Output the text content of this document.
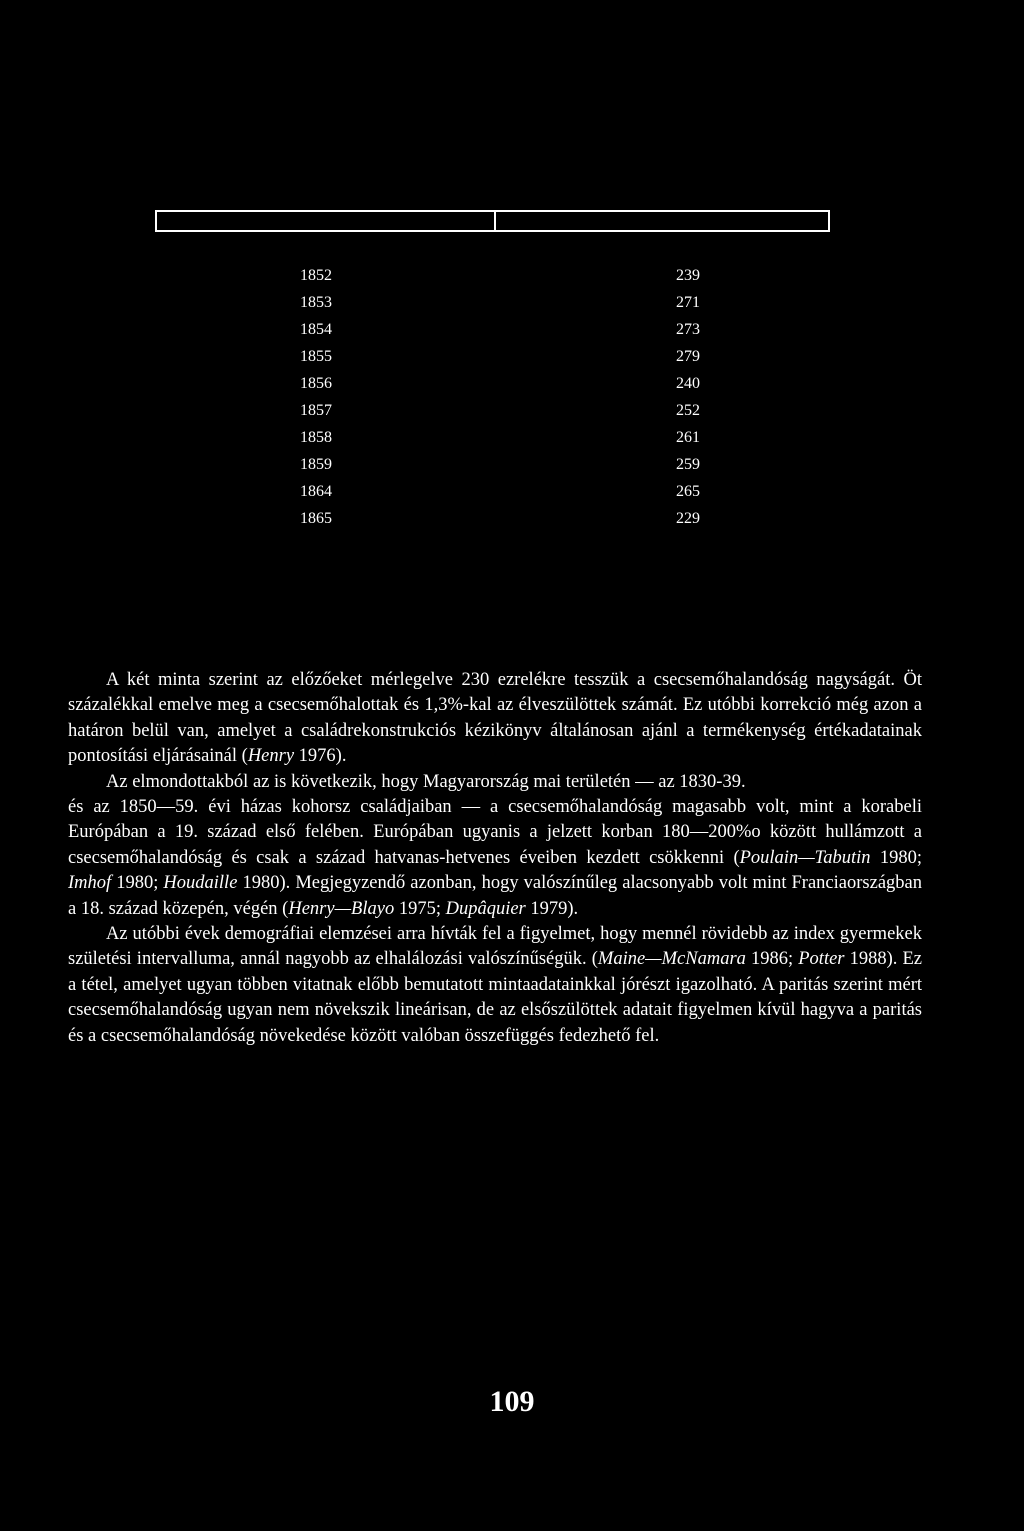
1852	239
1853	271
1854	273
1855	279
1856	240
1857	252
1858	261
1859	259
1864	265
1865	229

A két minta szerint az előzőeket mérlegelve 230 ezrelékre tesszük a csecsemőhalandóság nagyságát. Öt százalékkal emelve meg a csecsemőhalottak és 1,3%-kal az élveszülöttek számát. Ez utóbbi korrekció még azon a határon belül van, amelyet a családrekonstrukciós kézikönyv általánosan ajánl a termékenység értékadatainak pontosítási eljárásainál (Henry 1976).

Az elmondottakból az is következik, hogy Magyarország mai területén — az 1830-39.

és az 1850—59. évi házas kohorsz családjaiban — a csecsemőhalandóság magasabb volt, mint a korabeli Európában a 19. század első felében. Európában ugyanis a jelzett korban 180—200%o között hullámzott a csecsemőhalandóság és csak a század hatvanas-hetvenes éveiben kezdett csökkenni (Poulain—Tabutin 1980; Imhof 1980; Houdaille 1980). Megjegyzendő azonban, hogy valószínűleg alacsonyabb volt mint Franciaországban a 18. század közepén, végén (Henry—Blayo 1975; Dupâquier 1979).

Az utóbbi évek demográfiai elemzései arra hívták fel a figyelmet, hogy mennél rövidebb az index gyermekek születési intervalluma, annál nagyobb az elhalálozási valószínűségük. (Maine—McNamara 1986; Potter 1988). Ez a tétel, amelyet ugyan többen vitatnak előbb bemutatott mintaadatainkkal jórészt igazolható. A paritás szerint mért csecsemőhalandóság ugyan nem növekszik lineárisan, de az elsőszülöttek adatait figyelmen kívül hagyva a paritás és a csecsemőhalandóság növekedése között valóban összefüggés fedezhető fel.

109
